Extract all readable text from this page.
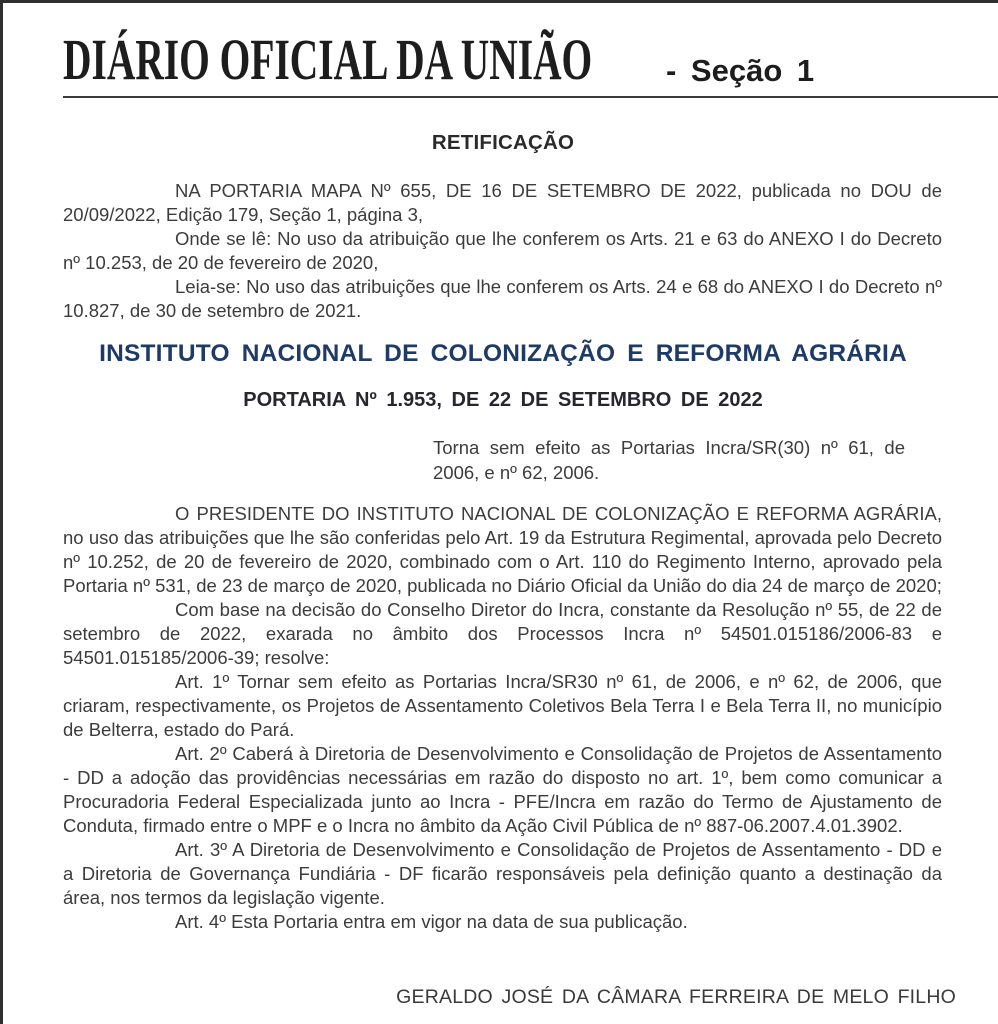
DIÁRIO OFICIAL DA UNIÃO - Seção 1
RETIFICAÇÃO

NA PORTARIA MAPA Nº 655, DE 16 DE SETEMBRO DE 2022, publicada no DOU de 20/09/2022, Edição 179, Seção 1, página 3,

Onde se lê: No uso da atribuição que lhe conferem os Arts. 21 e 63 do ANEXO I do Decreto nº 10.253, de 20 de fevereiro de 2020,

Leia-se: No uso das atribuições que lhe conferem os Arts. 24 e 68 do ANEXO I do Decreto nº 10.827, de 30 de setembro de 2021.

INSTITUTO NACIONAL DE COLONIZAÇÃO E REFORMA AGRÁRIA
PORTARIA Nº 1.953, DE 22 DE SETEMBRO DE 2022

Torna sem efeito as Portarias Incra/SR(30) nº 61, de 2006, e nº 62, 2006.

O PRESIDENTE DO INSTITUTO NACIONAL DE COLONIZAÇÃO E REFORMA AGRÁRIA, no uso das atribuições que lhe são conferidas pelo Art. 19 da Estrutura Regimental, aprovada pelo Decreto nº 10.252, de 20 de fevereiro de 2020, combinado com o Art. 110 do Regimento Interno, aprovado pela Portaria nº 531, de 23 de março de 2020, publicada no Diário Oficial da União do dia 24 de março de 2020;

Com base na decisão do Conselho Diretor do Incra, constante da Resolução nº 55, de 22 de setembro de 2022, exarada no âmbito dos Processos Incra nº 54501.015186/2006-83 e 54501.015185/2006-39; resolve:

Art. 1º Tornar sem efeito as Portarias Incra/SR30 nº 61, de 2006, e nº 62, de 2006, que criaram, respectivamente, os Projetos de Assentamento Coletivos Bela Terra I e Bela Terra II, no município de Belterra, estado do Pará.

Art. 2º Caberá à Diretoria de Desenvolvimento e Consolidação de Projetos de Assentamento - DD a adoção das providências necessárias em razão do disposto no art. 1º, bem como comunicar a Procuradoria Federal Especializada junto ao Incra - PFE/Incra em razão do Termo de Ajustamento de Conduta, firmado entre o MPF e o Incra no âmbito da Ação Civil Pública de nº 887-06.2007.4.01.3902.

Art. 3º A Diretoria de Desenvolvimento e Consolidação de Projetos de Assentamento - DD e a Diretoria de Governança Fundiária - DF ficarão responsáveis pela definição quanto a destinação da área, nos termos da legislação vigente.

Art. 4º Esta Portaria entra em vigor na data de sua publicação.

GERALDO JOSÉ DA CÂMARA FERREIRA DE MELO FILHO
